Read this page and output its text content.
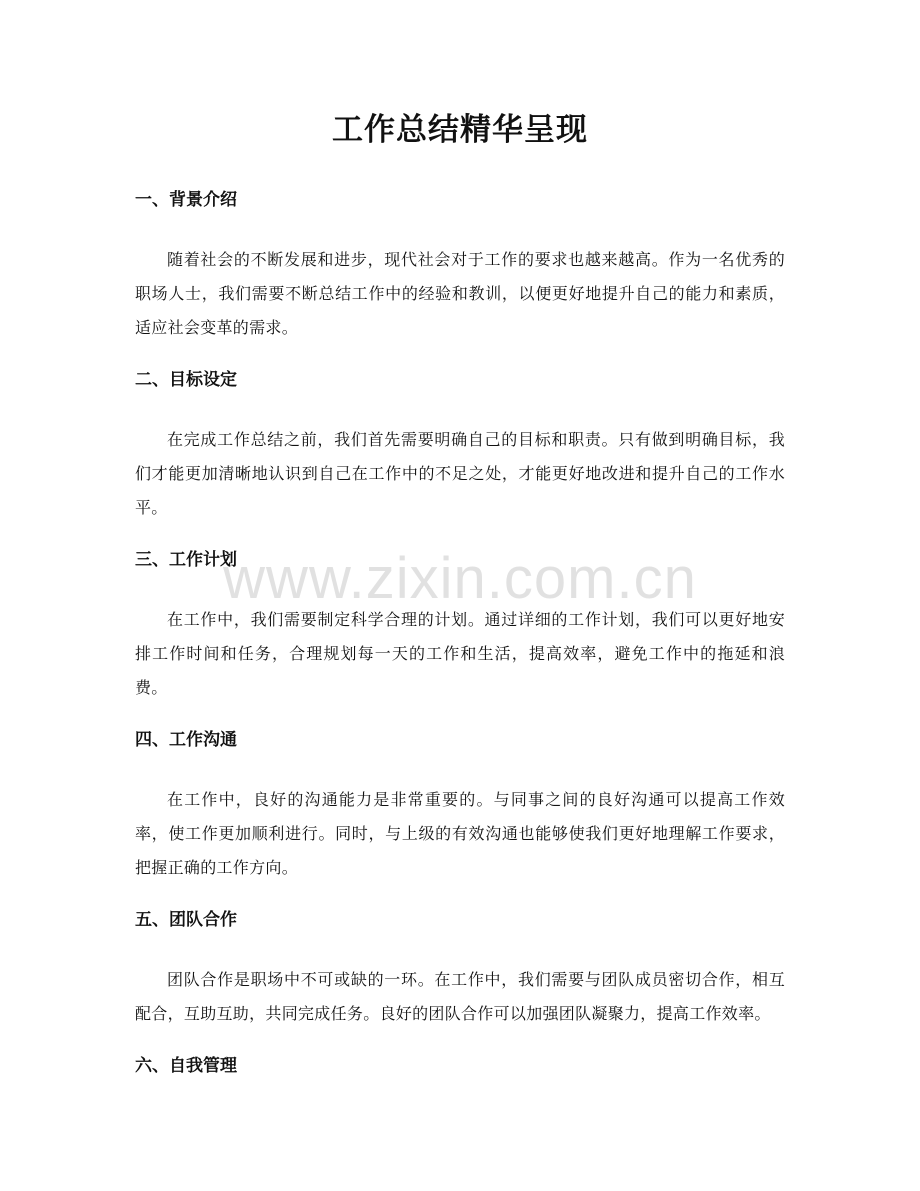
工作总结精华呈现
www.zixin.com.cn
一、背景介绍

随着社会的不断发展和进步，现代社会对于工作的要求也越来越高。作为一名优秀的职场人士，我们需要不断总结工作中的经验和教训，以便更好地提升自己的能力和素质，适应社会变革的需求。

二、目标设定

在完成工作总结之前，我们首先需要明确自己的目标和职责。只有做到明确目标，我们才能更加清晰地认识到自己在工作中的不足之处，才能更好地改进和提升自己的工作水平。

三、工作计划

在工作中，我们需要制定科学合理的计划。通过详细的工作计划，我们可以更好地安排工作时间和任务，合理规划每一天的工作和生活，提高效率，避免工作中的拖延和浪费。

四、工作沟通

在工作中，良好的沟通能力是非常重要的。与同事之间的良好沟通可以提高工作效率，使工作更加顺利进行。同时，与上级的有效沟通也能够使我们更好地理解工作要求，把握正确的工作方向。

五、团队合作

团队合作是职场中不可或缺的一环。在工作中，我们需要与团队成员密切合作，相互配合，互助互助，共同完成任务。良好的团队合作可以加强团队凝聚力，提高工作效率。

六、自我管理
